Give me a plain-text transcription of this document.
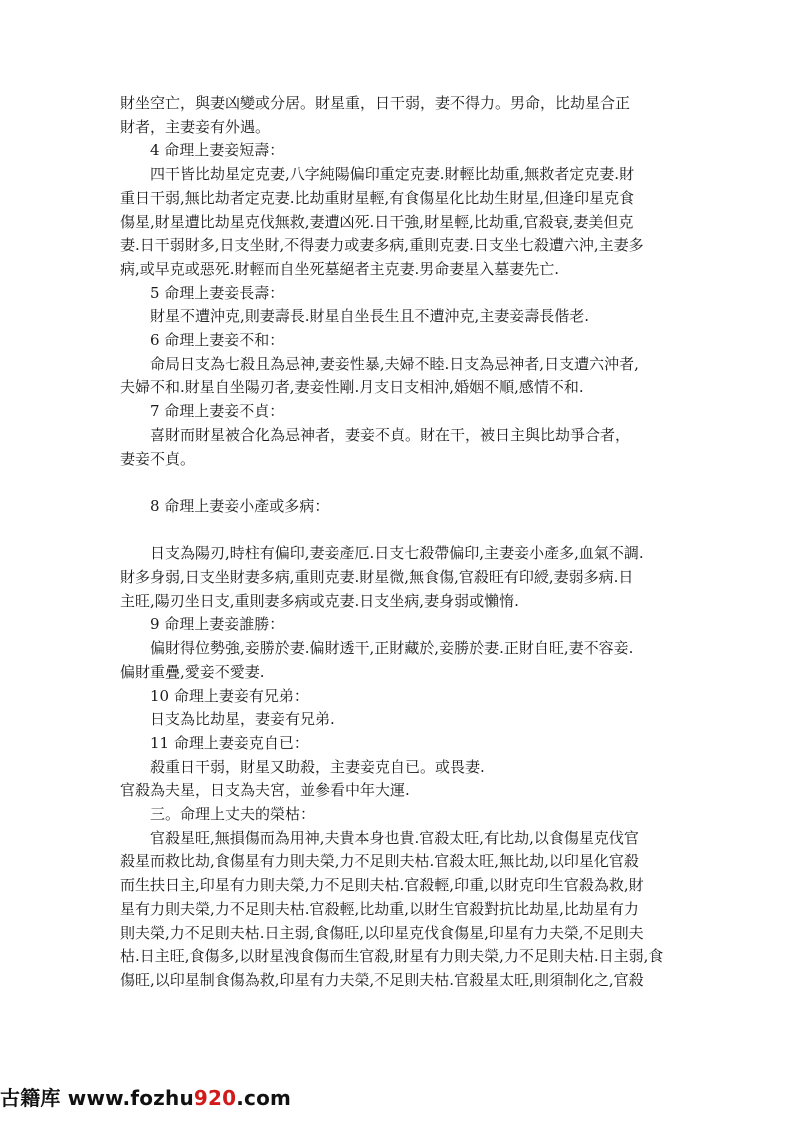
財坐空亡，與妻凶變或分居。財星重，日干弱，妻不得力。男命，比劫星合正
財者，主妻妾有外遇。

4 命理上妻妾短壽：

四干皆比劫星定克妻,八字純陽偏印重定克妻.財輕比劫重,無救者定克妻.財
重日干弱,無比劫者定克妻.比劫重財星輕,有食傷星化比劫生財星,但逢印星克食
傷星,財星遭比劫星克伐無救,妻遭凶死.日干強,財星輕,比劫重,官殺衰,妻美但克
妻.日干弱財多,日支坐財,不得妻力或妻多病,重則克妻.日支坐七殺遭六沖,主妻多
病,或早克或惡死.財輕而自坐死墓絕者主克妻.男命妻星入墓妻先亡.

5 命理上妻妾長壽：

財星不遭沖克,則妻壽長.財星自坐長生且不遭沖克,主妻妾壽長偕老.

6 命理上妻妾不和：

命局日支為七殺且為忌神,妻妾性暴,夫婦不睦.日支為忌神者,日支遭六沖者,
夫婦不和.財星自坐陽刃者,妻妾性剛.月支日支相沖,婚姻不順,感情不和.

7 命理上妻妾不貞：

喜財而財星被合化為忌神者，妻妾不貞。財在干，被日主與比劫爭合者，
妻妾不貞。

8 命理上妻妾小產或多病：

日支為陽刃,時柱有偏印,妻妾產厄.日支七殺帶偏印,主妻妾小產多,血氣不調.
財多身弱,日支坐財妻多病,重則克妻.財星微,無食傷,官殺旺有印綬,妻弱多病.日
主旺,陽刃坐日支,重則妻多病或克妻.日支坐病,妻身弱或懶惰.

9 命理上妻妾誰勝：

偏財得位勢強,妾勝於妻.偏財透干,正財藏於,妾勝於妻.正財自旺,妻不容妾.
偏財重疊,愛妾不愛妻.

10 命理上妻妾有兄弟：

日支為比劫星，妻妾有兄弟.

11 命理上妻妾克自已：

殺重日干弱，財星又助殺，主妻妾克自已。或畏妻.
官殺為夫星，日支為夫宮，並參看中年大運.

三。命理上丈夫的榮枯：

官殺星旺,無損傷而為用神,夫貴本身也貴.官殺太旺,有比劫,以食傷星克伐官
殺星而救比劫,食傷星有力則夫榮,力不足則夫枯.官殺太旺,無比劫,以印星化官殺
而生扶日主,印星有力則夫榮,力不足則夫枯.官殺輕,印重,以財克印生官殺為救,財
星有力則夫榮,力不足則夫枯.官殺輕,比劫重,以財生官殺對抗比劫星,比劫星有力
則夫榮,力不足則夫枯.日主弱,食傷旺,以印星克伐食傷星,印星有力夫榮,不足則夫
枯.日主旺,食傷多,以財星洩食傷而生官殺,財星有力則夫榮,力不足則夫枯.日主弱,食
傷旺,以印星制食傷為救,印星有力夫榮,不足則夫枯.官殺星太旺,則須制化之,官殺

古籍库 www.fozhu920.com
